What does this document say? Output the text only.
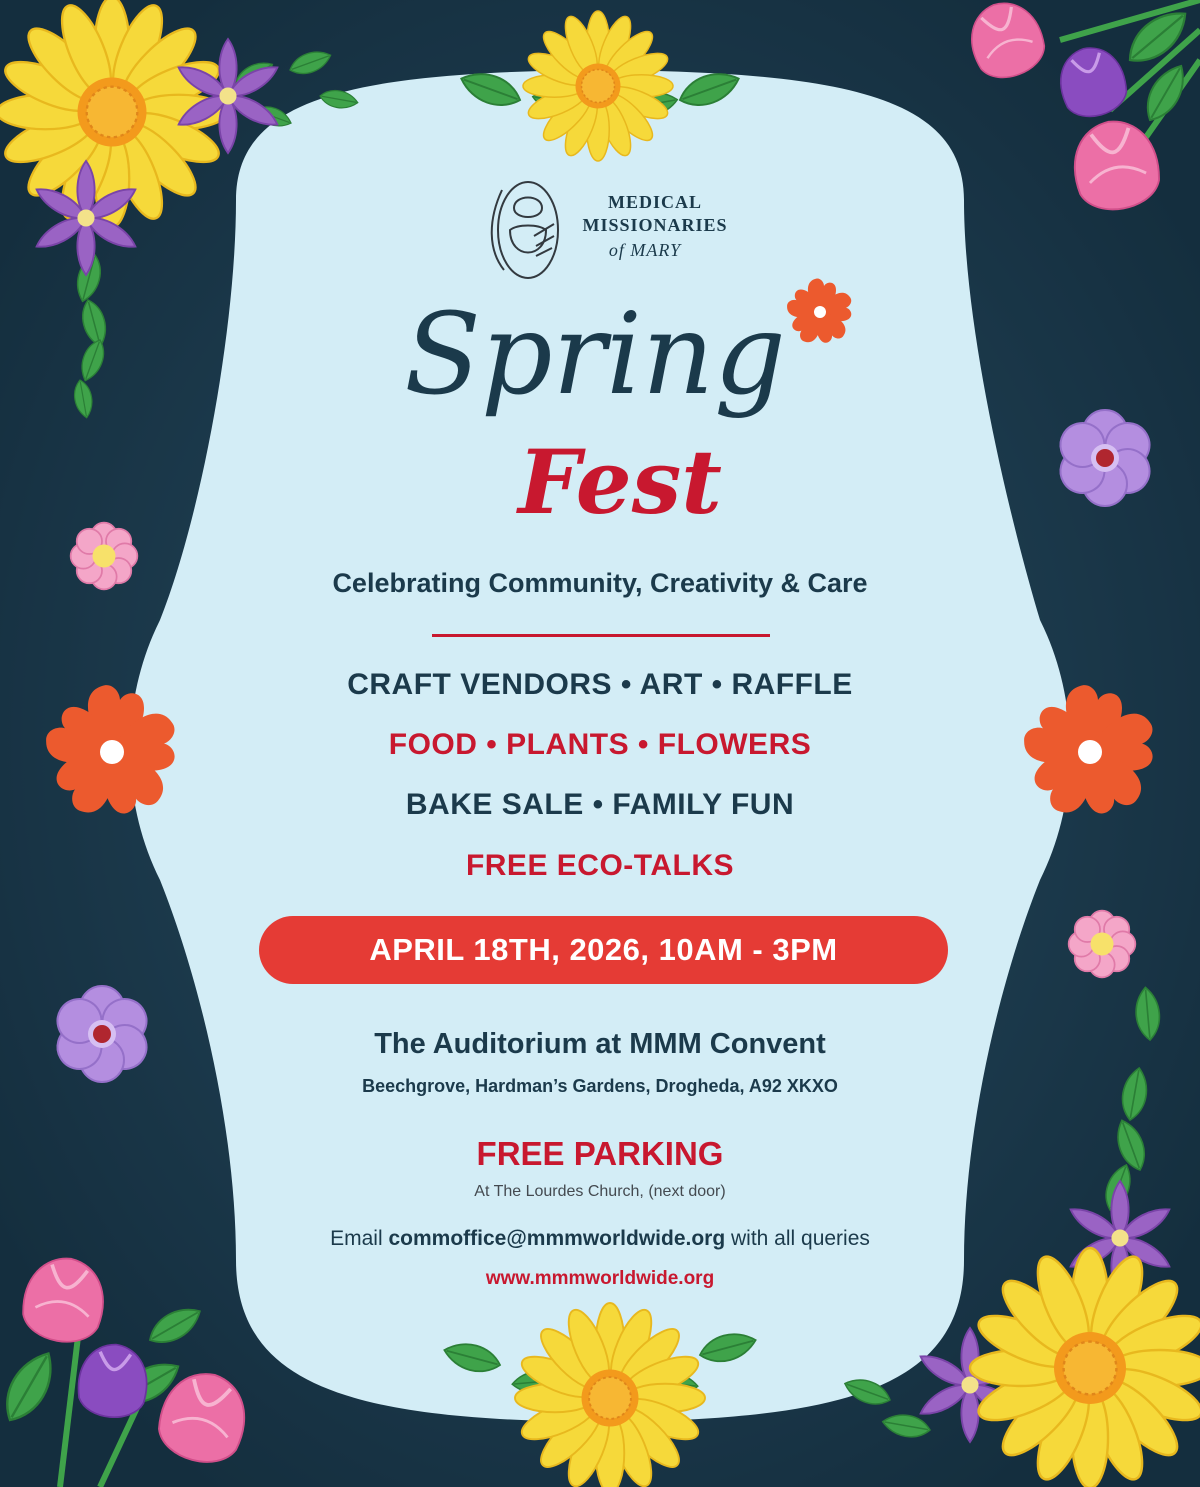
MEDICAL
MISSIONARIES
of MARY
Spring
Fest
Celebrating Community, Creativity & Care
CRAFT VENDORS • ART • RAFFLE
FOOD • PLANTS • FLOWERS
BAKE SALE • FAMILY FUN
FREE ECO-TALKS
APRIL 18TH, 2026, 10AM - 3PM
The Auditorium at MMM Convent
Beechgrove, Hardman’s Gardens, Drogheda, A92 XKXO
FREE PARKING
At The Lourdes Church, (next door)
Email commoffice@mmmworldwide.org with all queries
www.mmmworldwide.org
